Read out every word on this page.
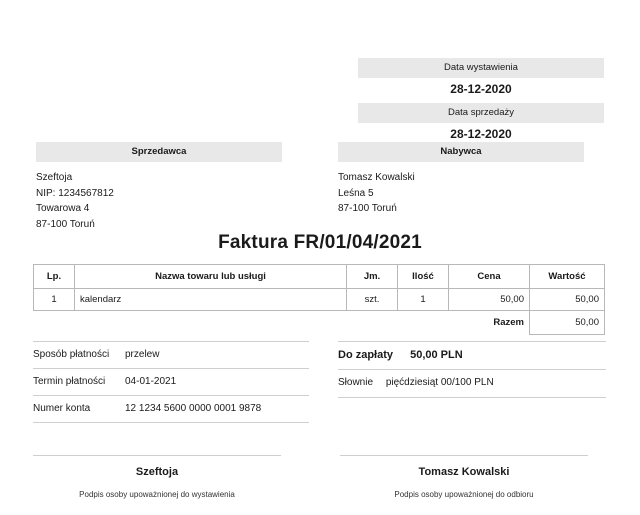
Data wystawienia
28-12-2020
Data sprzedaży
28-12-2020
Sprzedawca
Szeftoja
NIP: 1234567812
Towarowa 4
87-100 Toruń
Nabywca
Tomasz Kowalski
Leśna 5
87-100 Toruń
Faktura FR/01/04/2021
Lp.	Nazwa towaru lub usługi	Jm.	Ilość	Cena	Wartość
1	kalendarz	szt.	1	50,00	50,00
Razem					50,00
Sposób płatności	przelew
Termin płatności	04-01-2021
Numer konta	12 1234 5600 0000 0001 9878
Do zapłaty 50,00 PLN
Słownie pięćdziesiąt 00/100 PLN
Szeftoja
Podpis osoby upoważnionej do wystawienia
Tomasz Kowalski
Podpis osoby upoważnionej do odbioru
